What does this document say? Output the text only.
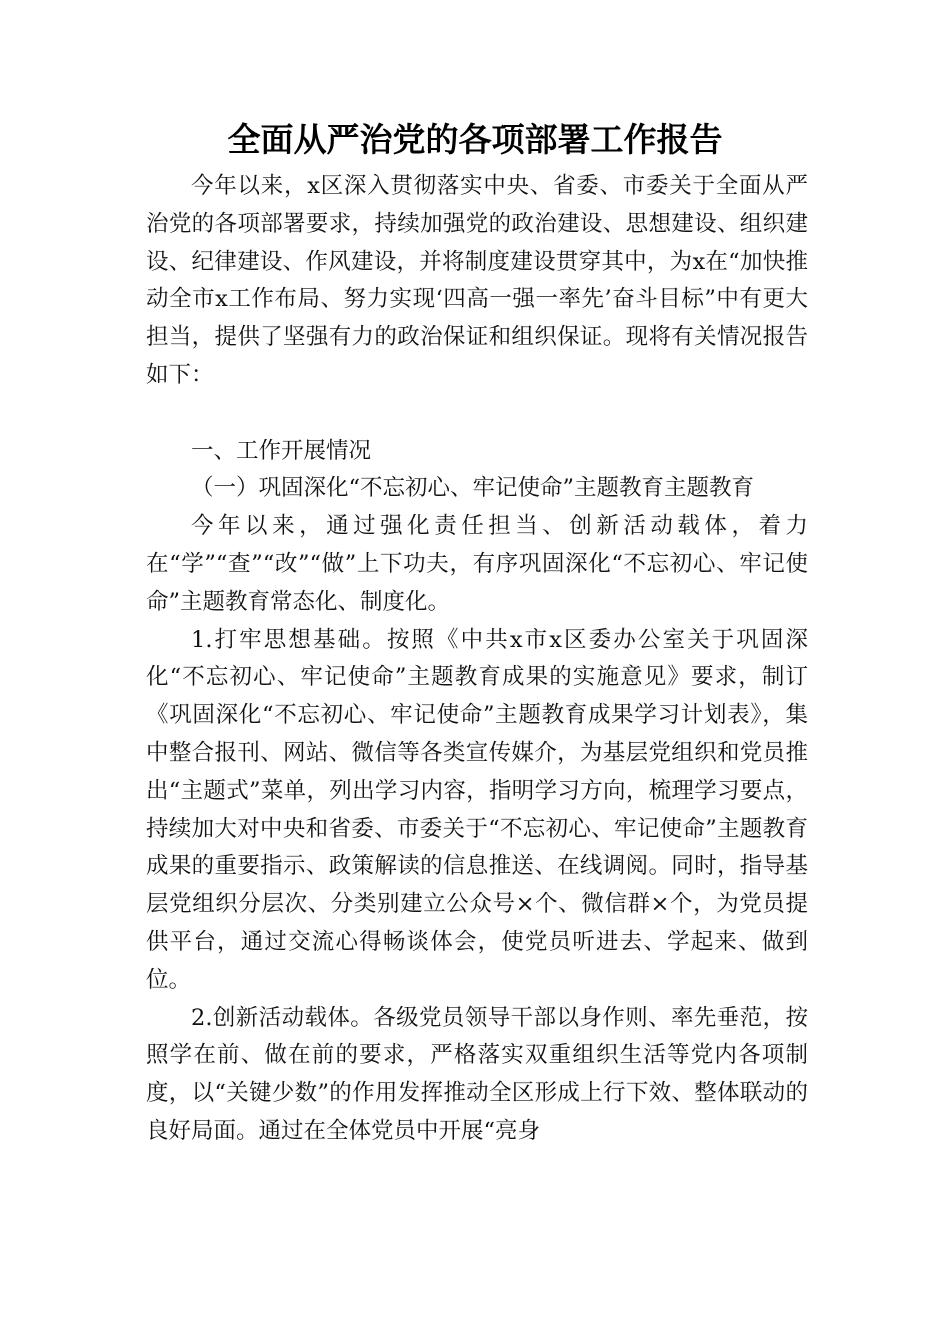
全面从严治党的各项部署工作报告

今年以来，x区深入贯彻落实中央、省委、市委关于全面从严治党的各项部署要求，持续加强党的政治建设、思想建设、组织建设、纪律建设、作风建设，并将制度建设贯穿其中，为x在“加快推动全市x工作布局、努力实现‘四高一强一率先’奋斗目标”中有更大担当，提供了坚强有力的政治保证和组织保证。现将有关情况报告如下：

一、工作开展情况

（一）巩固深化“不忘初心、牢记使命”主题教育主题教育

今年以来，通过强化责任担当、创新活动载体，着力在“学”“查”“改”“做”上下功夫，有序巩固深化“不忘初心、牢记使命”主题教育常态化、制度化。

1.打牢思想基础。按照《中共x市x区委办公室关于巩固深化“不忘初心、牢记使命”主题教育成果的实施意见》要求，制订《巩固深化“不忘初心、牢记使命”主题教育成果学习计划表》，集中整合报刊、网站、微信等各类宣传媒介，为基层党组织和党员推出“主题式”菜单，列出学习内容，指明学习方向，梳理学习要点，持续加大对中央和省委、市委关于“不忘初心、牢记使命”主题教育成果的重要指示、政策解读的信息推送、在线调阅。同时，指导基层党组织分层次、分类别建立公众号×个、微信群×个，为党员提供平台，通过交流心得畅谈体会，使党员听进去、学起来、做到位。

2.创新活动载体。各级党员领导干部以身作则、率先垂范，按照学在前、做在前的要求，严格落实双重组织生活等党内各项制度，以“关键少数”的作用发挥推动全区形成上行下效、整体联动的良好局面。通过在全体党员中开展“亮身
